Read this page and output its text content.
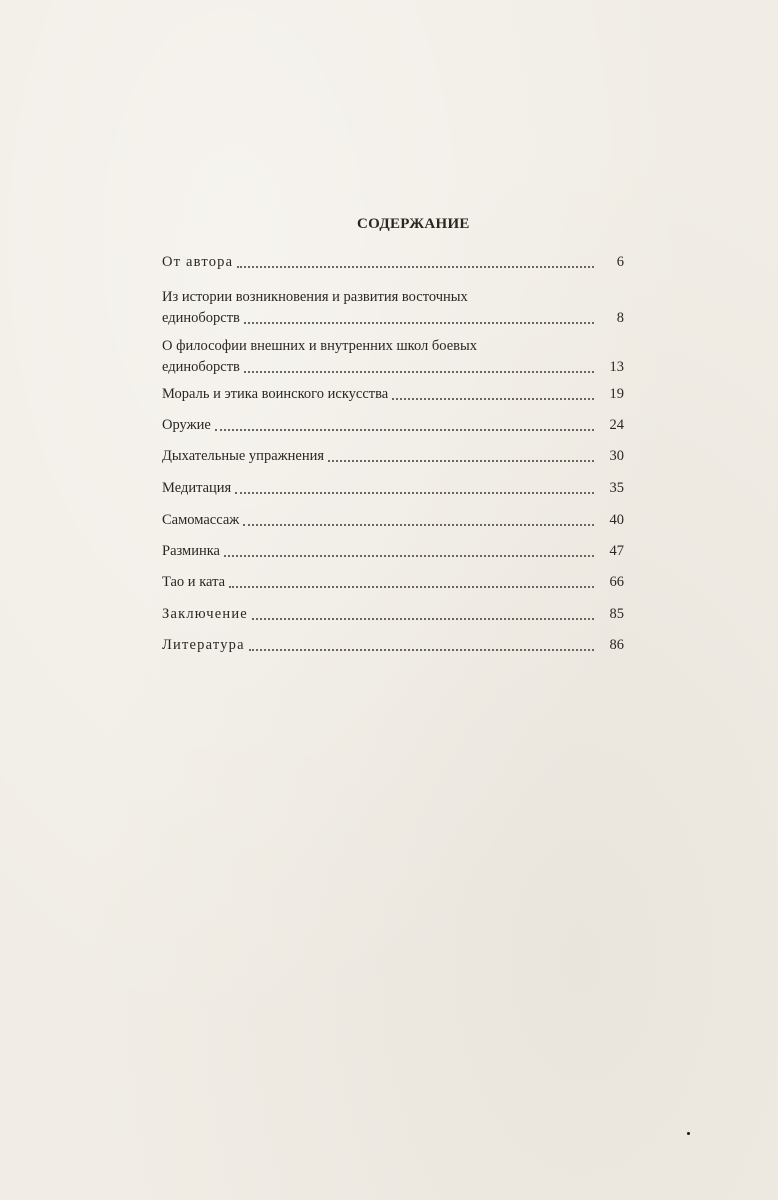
СОДЕРЖАНИЕ
От автора	6
Из истории возникновения и развития восточных
единоборств	8
О философии внешних и внутренних школ боевых
единоборств	13
Мораль и этика воинского искусства	19
Оружие	24
Дыхательные упражнения	30
Медитация	35
Самомассаж	40
Разминка	47
Тао и ката	66
Заключение	85
Литература	86
